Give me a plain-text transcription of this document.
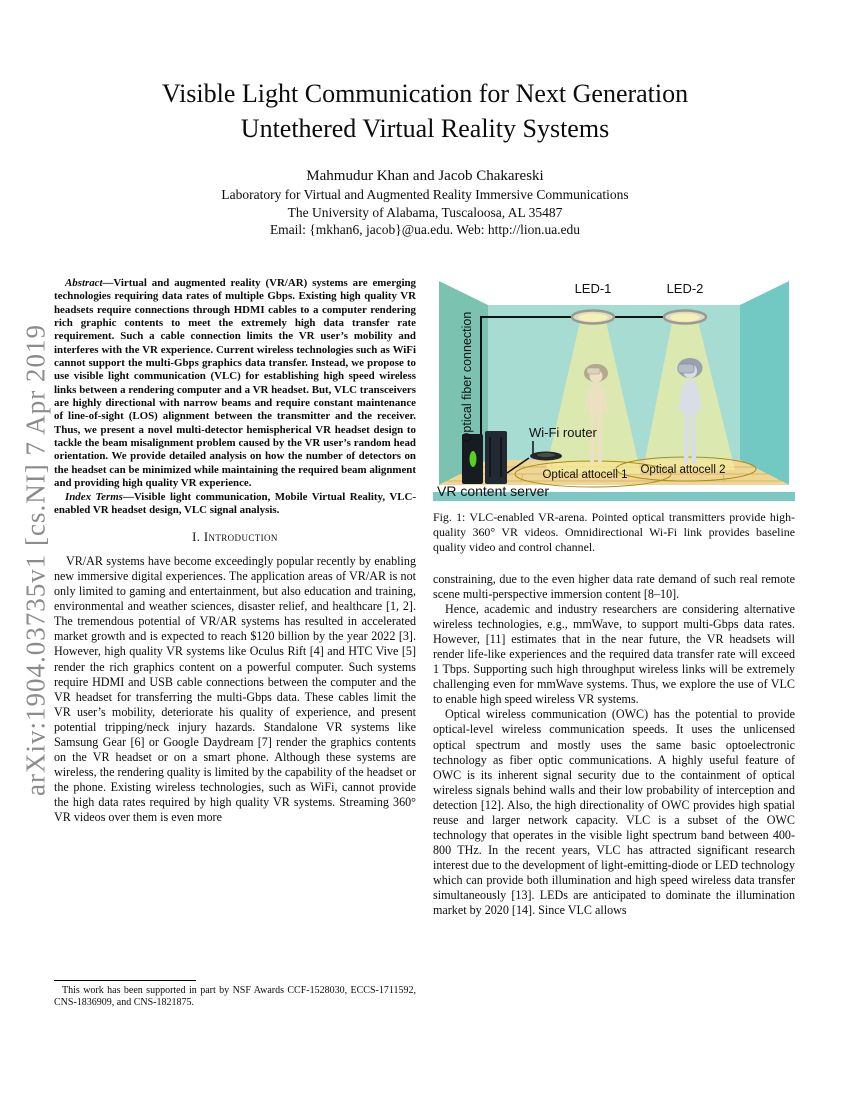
arXiv:1904.03735v1 [cs.NI] 7 Apr 2019
Visible Light Communication for Next Generation
Untethered Virtual Reality Systems
Mahmudur Khan and Jacob Chakareski
Laboratory for Virtual and Augmented Reality Immersive Communications
The University of Alabama, Tuscaloosa, AL 35487
Email: {mkhan6, jacob}@ua.edu. Web: http://lion.ua.edu

Abstract—Virtual and augmented reality (VR/AR) systems are emerging technologies requiring data rates of multiple Gbps. Existing high quality VR headsets require connections through HDMI cables to a computer rendering rich graphic contents to meet the extremely high data transfer rate requirement. Such a cable connection limits the VR user’s mobility and interferes with the VR experience. Current wireless technologies such as WiFi cannot support the multi-Gbps graphics data transfer. Instead, we propose to use visible light communication (VLC) for establishing high speed wireless links between a rendering computer and a VR headset. But, VLC transceivers are highly directional with narrow beams and require constant maintenance of line-of-sight (LOS) alignment between the transmitter and the receiver. Thus, we present a novel multi-detector hemispherical VR headset design to tackle the beam misalignment problem caused by the VR user’s random head orientation. We provide detailed analysis on how the number of detectors on the headset can be minimized while maintaining the required beam alignment and providing high quality VR experience.

Index Terms—Visible light communication, Mobile Virtual Reality, VLC-enabled VR headset design, VLC signal analysis.

I. Introduction

VR/AR systems have become exceedingly popular recently by enabling new immersive digital experiences. The application areas of VR/AR is not only limited to gaming and entertainment, but also education and training, environmental and weather sciences, disaster relief, and healthcare [1, 2]. The tremendous potential of VR/AR systems has resulted in accelerated market growth and is expected to reach $120 billion by the year 2022 [3]. However, high quality VR systems like Oculus Rift [4] and HTC Vive [5] render the rich graphics content on a powerful computer. Such systems require HDMI and USB cable connections between the computer and the VR headset for transferring the multi-Gbps data. These cables limit the VR user’s mobility, deteriorate his quality of experience, and present potential tripping/neck injury hazards. Standalone VR systems like Samsung Gear [6] or Google Daydream [7] render the graphics contents on the VR headset or on a smart phone. Although these systems are wireless, the rendering quality is limited by the capability of the headset or the phone. Existing wireless technologies, such as WiFi, cannot provide the high data rates required by high quality VR systems. Streaming 360° VR videos over them is even more

This work has been supported in part by NSF Awards CCF-1528030, ECCS-1711592, CNS-1836909, and CNS-1821875.

LED-1	LED-2
Optical fiber connection	Wi-Fi router
VR content server
Optical attocell 1 Optical attocell 2
Fig. 1: VLC-enabled VR-arena. Pointed optical transmitters provide high-quality 360° VR videos. Omnidirectional Wi-Fi link provides baseline quality video and control channel.

constraining, due to the even higher data rate demand of such real remote scene multi-perspective immersion content [8–10].

Hence, academic and industry researchers are considering alternative wireless technologies, e.g., mmWave, to support multi-Gbps data rates. However, [11] estimates that in the near future, the VR headsets will render life-like experiences and the required data transfer rate will exceed 1 Tbps. Supporting such high throughput wireless links will be extremely challenging even for mmWave systems. Thus, we explore the use of VLC to enable high speed wireless VR systems.

Optical wireless communication (OWC) has the potential to provide optical-level wireless communication speeds. It uses the unlicensed optical spectrum and mostly uses the same basic optoelectronic technology as fiber optic communications. A highly useful feature of OWC is its inherent signal security due to the containment of optical wireless signals behind walls and their low probability of interception and detection [12]. Also, the high directionality of OWC provides high spatial reuse and larger network capacity. VLC is a subset of the OWC technology that operates in the visible light spectrum band between 400-800 THz. In the recent years, VLC has attracted significant research interest due to the development of light-emitting-diode or LED technology which can provide both illumination and high speed wireless data transfer simultaneously [13]. LEDs are anticipated to dominate the illumination market by 2020 [14]. Since VLC allows
